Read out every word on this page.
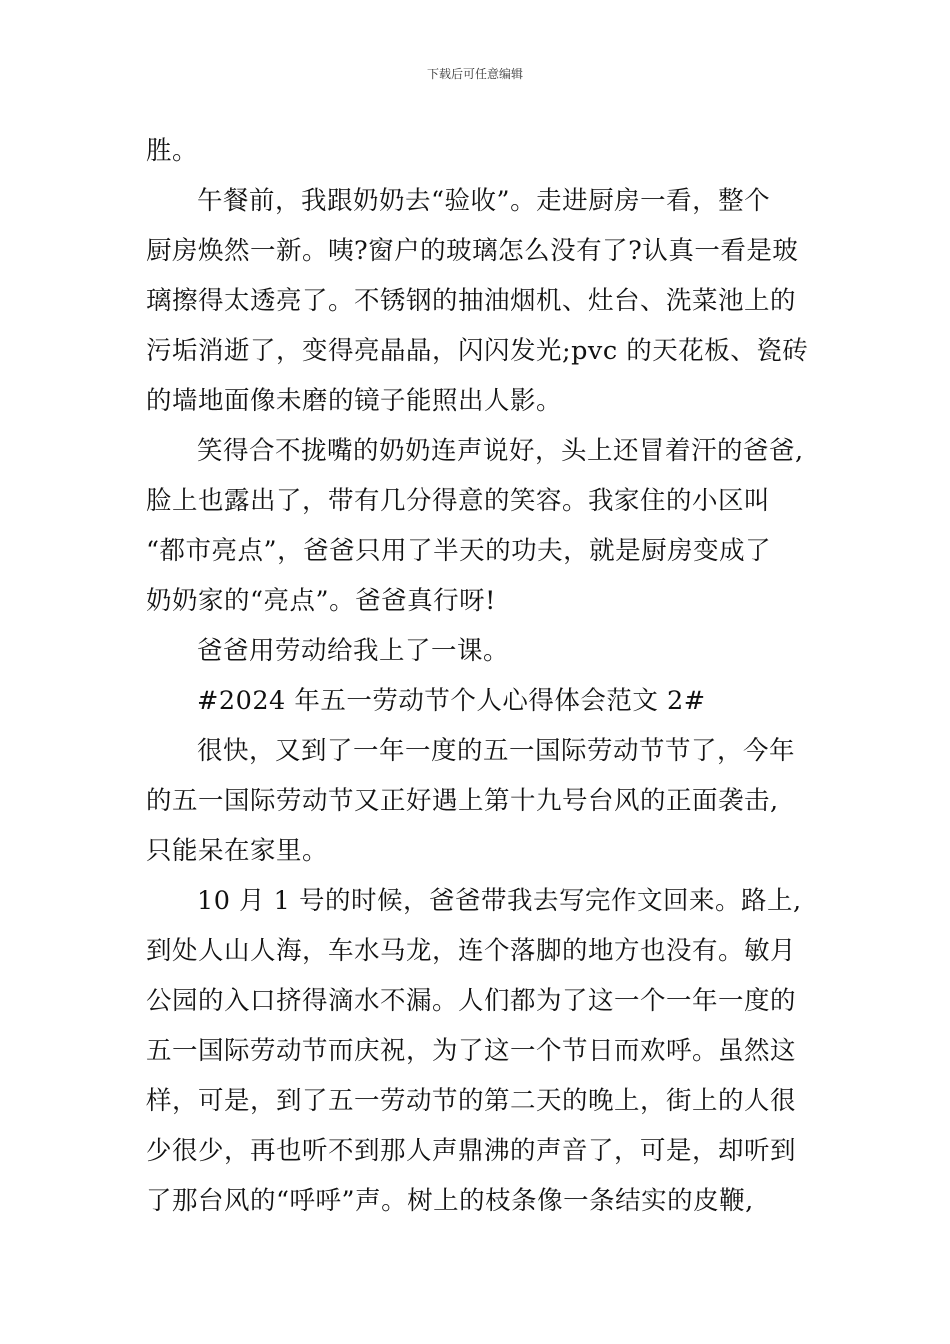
下载后可任意编辑
胜。
午餐前，我跟奶奶去“验收”。走进厨房一看，整个
厨房焕然一新。咦?窗户的玻璃怎么没有了?认真一看是玻
璃擦得太透亮了。不锈钢的抽油烟机、灶台、洗菜池上的
污垢消逝了，变得亮晶晶，闪闪发光;pvc 的天花板、瓷砖
的墙地面像未磨的镜子能照出人影。
笑得合不拢嘴的奶奶连声说好，头上还冒着汗的爸爸,
脸上也露出了，带有几分得意的笑容。我家住的小区叫
“都市亮点”，爸爸只用了半天的功夫，就是厨房变成了
奶奶家的“亮点”。爸爸真行呀!
爸爸用劳动给我上了一课。
#2024 年五一劳动节个人心得体会范文 2#
很快，又到了一年一度的五一国际劳动节节了，今年
的五一国际劳动节又正好遇上第十九号台风的正面袭击,
只能呆在家里。
10 月 1 号的时候，爸爸带我去写完作文回来。路上,
到处人山人海，车水马龙，连个落脚的地方也没有。敏月
公园的入口挤得滴水不漏。人们都为了这一个一年一度的
五一国际劳动节而庆祝，为了这一个节日而欢呼。虽然这
样，可是，到了五一劳动节的第二天的晚上，街上的人很
少很少，再也听不到那人声鼎沸的声音了，可是，却听到
了那台风的“呼呼”声。树上的枝条像一条结实的皮鞭,
